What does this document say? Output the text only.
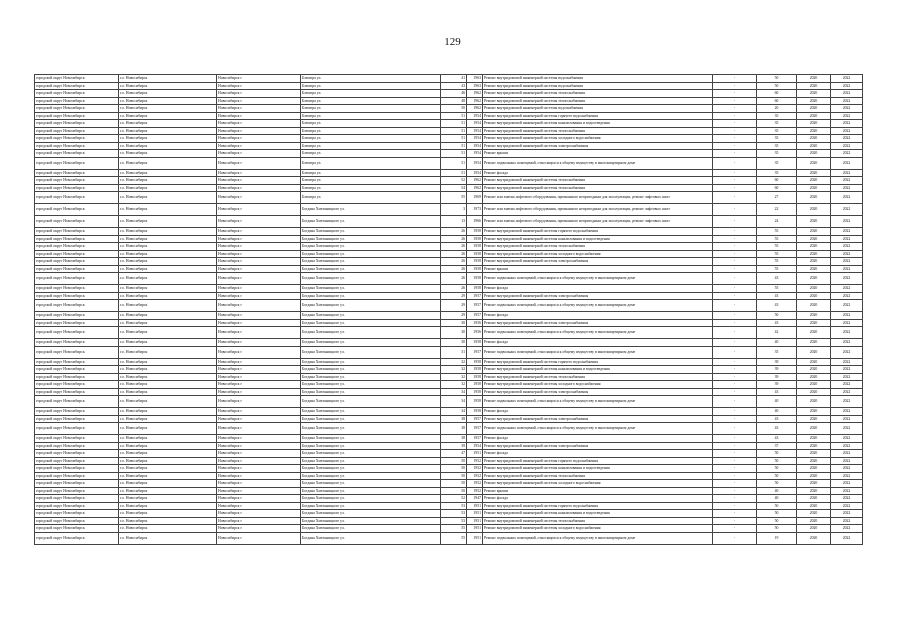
129
городской округ Новосибирск	г.о. Новосибирск	Новосибирск г	Блюхера ул.	41	1963	Ремонт внутридомовой инженерной системы водоснабжения	-	50	2020	2022
городской округ Новосибирск	г.о. Новосибирск	Новосибирск г	Блюхера ул.	43	1963	Ремонт внутридомовой инженерной системы водоснабжения	-	50	2020	2022
городской округ Новосибирск	г.о. Новосибирск	Новосибирск г	Блюхера ул.	46	1962	Ремонт внутридомовой инженерной системы теплоснабжения	-	60	2020	2022
городской округ Новосибирск	г.о. Новосибирск	Новосибирск г	Блюхера ул.	48	1962	Ремонт внутридомовой инженерной системы теплоснабжения	-	60	2020	2022
городской округ Новосибирск	г.о. Новосибирск	Новосибирск г	Блюхера ул.	50	1962	Ремонт внутридомовой инженерной системы водоснабжения	-	20	2020	2022
городской округ Новосибирск	г.о. Новосибирск	Новосибирск г	Блюхера ул.	51	1954	Ремонт внутридомовой инженерной системы горячего водоснабжения	-	35	2020	2022
городской округ Новосибирск	г.о. Новосибирск	Новосибирск г	Блюхера ул.	51	1954	Ремонт внутридомовой инженерной системы канализования и водоотведения	-	35	2020	2022
городской округ Новосибирск	г.о. Новосибирск	Новосибирск г	Блюхера ул.	51	1954	Ремонт внутридомовой инженерной системы теплоснабжения	-	35	2020	2022
городской округ Новосибирск	г.о. Новосибирск	Новосибирск г	Блюхера ул.	51	1954	Ремонт внутридомовой инженерной системы холодного водоснабжения	-	35	2020	2022
городской округ Новосибирск	г.о. Новосибирск	Новосибирск г	Блюхера ул.	51	1954	Ремонт внутридомовой инженерной системы электроснабжения	-	35	2020	2022
городской округ Новосибирск	г.о. Новосибирск	Новосибирск г	Блюхера ул.	51	1954	Ремонт крыши	-	35	2020	2022
городской округ Новосибирск	г.о. Новосибирск	Новосибирск г	Блюхера ул.	51	1954	Ремонт подвальных помещений, относящихся к общему имуществу в многоквартирном доме	-	35	2020	2022
городской округ Новосибирск	г.о. Новосибирск	Новосибирск г	Блюхера ул.	51	1954	Ремонт фасада	-	35	2020	2022
городской округ Новосибирск	г.о. Новосибирск	Новосибирск г	Блюхера ул.	52	1962	Ремонт внутридомовой инженерной системы теплоснабжения	-	60	2020	2022
городской округ Новосибирск	г.о. Новосибирск	Новосибирск г	Блюхера ул.	54	1962	Ремонт внутридомовой инженерной системы теплоснабжения	-	60	2020	2022
городской округ Новосибирск	г.о. Новосибирск	Новосибирск г	Блюхера ул.	55	1969	Ремонт или замена лифтового оборудования, признанного непригодным для эксплуатации, ремонт лифтовых шахт	-	27	2020	2022
городской округ Новосибирск	г.о. Новосибирск	Новосибирск г	Богдана Хмельницкого ул.	3	1973	Ремонт или замена лифтового оборудования, признанного непригодным для эксплуатации, ремонт лифтовых шахт	-	22	2020	2022
городской округ Новосибирск	г.о. Новосибирск	Новосибирск г	Богдана Хмельницкого ул.	13	1966	Ремонт или замена лифтового оборудования, признанного непригодным для эксплуатации, ремонт лифтовых шахт	-	24	2020	2022
городской округ Новосибирск	г.о. Новосибирск	Новосибирск г	Богдана Хмельницкого ул.	26	1958	Ремонт внутридомовой инженерной системы горячего водоснабжения	-	55	2020	2022
городской округ Новосибирск	г.о. Новосибирск	Новосибирск г	Богдана Хмельницкого ул.	26	1958	Ремонт внутридомовой инженерной системы канализования и водоотведения	-	55	2020	2022
городской округ Новосибирск	г.о. Новосибирск	Новосибирск г	Богдана Хмельницкого ул.	26	1958	Ремонт внутридомовой инженерной системы теплоснабжения	-	55	2020	2022
городской округ Новосибирск	г.о. Новосибирск	Новосибирск г	Богдана Хмельницкого ул.	26	1958	Ремонт внутридомовой инженерной системы холодного водоснабжения	-	55	2020	2022
городской округ Новосибирск	г.о. Новосибирск	Новосибирск г	Богдана Хмельницкого ул.	26	1958	Ремонт внутридомовой инженерной системы электроснабжения	-	55	2020	2022
городской округ Новосибирск	г.о. Новосибирск	Новосибирск г	Богдана Хмельницкого ул.	26	1958	Ремонт крыши	-	55	2020	2022
городской округ Новосибирск	г.о. Новосибирск	Новосибирск г	Богдана Хмельницкого ул.	26	1958	Ремонт подвальных помещений, относящихся к общему имуществу в многоквартирном доме	-	43	2020	2022
городской округ Новосибирск	г.о. Новосибирск	Новосибирск г	Богдана Хмельницкого ул.	26	1958	Ремонт фасада	-	55	2020	2022
городской округ Новосибирск	г.о. Новосибирск	Новосибирск г	Богдана Хмельницкого ул.	29	1957	Ремонт внутридомовой инженерной системы электроснабжения	-	43	2020	2022
городской округ Новосибирск	г.о. Новосибирск	Новосибирск г	Богдана Хмельницкого ул.	29	1957	Ремонт подвальных помещений, относящихся к общему имуществу в многоквартирном доме	-	43	2020	2022
городской округ Новосибирск	г.о. Новосибирск	Новосибирск г	Богдана Хмельницкого ул.	29	1957	Ремонт фасада	-	50	2020	2022
городской округ Новосибирск	г.о. Новосибирск	Новосибирск г	Богдана Хмельницкого ул.	30	1956	Ремонт внутридомовой инженерной системы электроснабжения	-	43	2020	2022
городской округ Новосибирск	г.о. Новосибирск	Новосибирск г	Богдана Хмельницкого ул.	30	1956	Ремонт подвальных помещений, относящихся к общему имуществу в многоквартирном доме	-	42	2020	2022
городской округ Новосибирск	г.о. Новосибирск	Новосибирск г	Богдана Хмельницкого ул.	30	1958	Ремонт фасада	-	40	2020	2022
городской округ Новосибирск	г.о. Новосибирск	Новосибирск г	Богдана Хмельницкого ул.	31	1957	Ремонт подвальных помещений, относящихся к общему имуществу в многоквартирном доме	-	35	2020	2022
городской округ Новосибирск	г.о. Новосибирск	Новосибирск г	Богдана Хмельницкого ул.	32	1958	Ремонт внутридомовой инженерной системы горячего водоснабжения	-	39	2020	2022
городской округ Новосибирск	г.о. Новосибирск	Новосибирск г	Богдана Хмельницкого ул.	32	1958	Ремонт внутридомовой инженерной системы канализования и водоотведения	-	39	2020	2022
городской округ Новосибирск	г.о. Новосибирск	Новосибирск г	Богдана Хмельницкого ул.	32	1958	Ремонт внутридомовой инженерной системы теплоснабжения	-	39	2020	2022
городской округ Новосибирск	г.о. Новосибирск	Новосибирск г	Богдана Хмельницкого ул.	32	1958	Ремонт внутридомовой инженерной системы холодного водоснабжения	-	39	2020	2022
городской округ Новосибирск	г.о. Новосибирск	Новосибирск г	Богдана Хмельницкого ул.	34	1958	Ремонт внутридомовой инженерной системы электроснабжения	-	43	2020	2022
городской округ Новосибирск	г.о. Новосибирск	Новосибирск г	Богдана Хмельницкого ул.	34	1958	Ремонт подвальных помещений, относящихся к общему имуществу в многоквартирном доме	-	40	2020	2022
городской округ Новосибирск	г.о. Новосибирск	Новосибирск г	Богдана Хмельницкого ул.	34	1958	Ремонт фасада	-	40	2020	2022
городской округ Новосибирск	г.о. Новосибирск	Новосибирск г	Богдана Хмельницкого ул.	38	1957	Ремонт внутридомовой инженерной системы электроснабжения	-	43	2020	2022
городской округ Новосибирск	г.о. Новосибирск	Новосибирск г	Богдана Хмельницкого ул.	38	1957	Ремонт подвальных помещений, относящихся к общему имуществу в многоквартирном доме	-	43	2020	2022
городской округ Новосибирск	г.о. Новосибирск	Новосибирск г	Богдана Хмельницкого ул.	38	1957	Ремонт фасада	-	43	2020	2022
городской округ Новосибирск	г.о. Новосибирск	Новосибирск г	Богдана Хмельницкого ул.	39	1954	Ремонт внутридомовой инженерной системы электроснабжения	-	37	2020	2022
городской округ Новосибирск	г.о. Новосибирск	Новосибирск г	Богдана Хмельницкого ул.	47	1951	Ремонт фасада	-	50	2020	2022
городской округ Новосибирск	г.о. Новосибирск	Новосибирск г	Богдана Хмельницкого ул.	50	1952	Ремонт внутридомовой инженерной системы горячего водоснабжения	-	50	2020	2022
городской округ Новосибирск	г.о. Новосибирск	Новосибирск г	Богдана Хмельницкого ул.	50	1952	Ремонт внутридомовой инженерной системы канализования и водоотведения	-	50	2020	2022
городской округ Новосибирск	г.о. Новосибирск	Новосибирск г	Богдана Хмельницкого ул.	50	1952	Ремонт внутридомовой инженерной системы теплоснабжения	-	50	2020	2022
городской округ Новосибирск	г.о. Новосибирск	Новосибирск г	Богдана Хмельницкого ул.	50	1952	Ремонт внутридомовой инженерной системы холодного водоснабжения	-	50	2020	2022
городской округ Новосибирск	г.о. Новосибирск	Новосибирск г	Богдана Хмельницкого ул.	50	1952	Ремонт крыши	-	40	2020	2022
городской округ Новосибирск	г.о. Новосибирск	Новосибирск г	Богдана Хмельницкого ул.	52	1947	Ремонт фасада	-	40	2020	2022
городской округ Новосибирск	г.о. Новосибирск	Новосибирск г	Богдана Хмельницкого ул.	53	1951	Ремонт внутридомовой инженерной системы горячего водоснабжения	-	50	2020	2022
городской округ Новосибирск	г.о. Новосибирск	Новосибирск г	Богдана Хмельницкого ул.	53	1951	Ремонт внутридомовой инженерной системы канализования и водоотведения	-	50	2020	2022
городской округ Новосибирск	г.о. Новосибирск	Новосибирск г	Богдана Хмельницкого ул.	53	1951	Ремонт внутридомовой инженерной системы теплоснабжения	-	50	2020	2022
городской округ Новосибирск	г.о. Новосибирск	Новосибирск г	Богдана Хмельницкого ул.	55	1951	Ремонт внутридомовой инженерной системы холодного водоснабжения	-	50	2020	2022
городской округ Новосибирск	г.о. Новосибирск	Новосибирск г	Богдана Хмельницкого ул.	55	1951	Ремонт подвальных помещений, относящихся к общему имуществу в многоквартирном доме	-	19	2020	2022
